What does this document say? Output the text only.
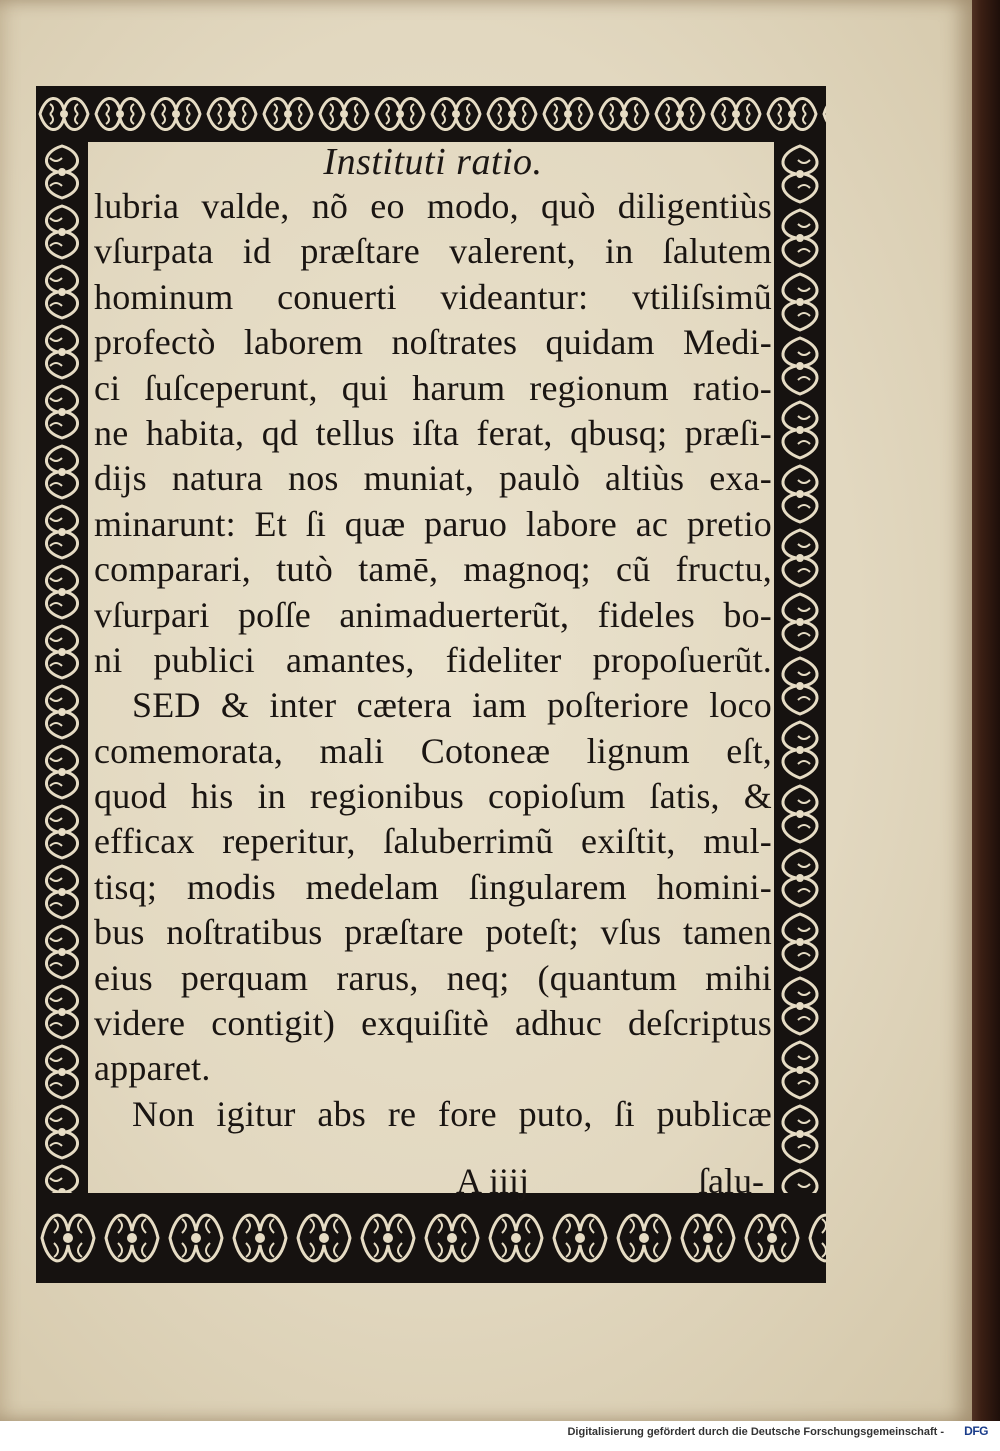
Instituti ratio.
lubria valde, nõ eo modo, quò diligentiùs
vſurpata id præſtare valerent, in ſalutem
hominum conuerti videantur: vtiliſsimũ
profectò laborem noſtrates quidam Medi-
ci ſuſceperunt, qui harum regionum ratio-
ne habita, qd tellus iſta ferat, qbusq; præſi-
dijs natura nos muniat, paulò altiùs exa-
minarunt: Et ſi quæ paruo labore ac pretio
comparari, tutò tamē, magnoq; cũ fructu,
vſurpari poſſe animaduerterũt, fideles bo-
ni publici amantes, fideliter propoſuerũt.
SED & inter cætera iam poſteriore loco
comemorata, mali Cotoneæ lignum eſt,
quod his in regionibus copioſum ſatis, &
efficax reperitur, ſaluberrimũ exiſtit, mul-
tisq; modis medelam ſingularem homini-
bus noſtratibus præſtare poteſt; vſus tamen
eius perquam rarus, neq; (quantum mihi
videre contigit) exquiſitè adhuc deſcriptus
apparet.
Non igitur abs re fore puto, ſi publicæ
A iiij	ſalu-
Digitalisierung gefördert durch die Deutsche Forschungsgemeinschaft - DFG
